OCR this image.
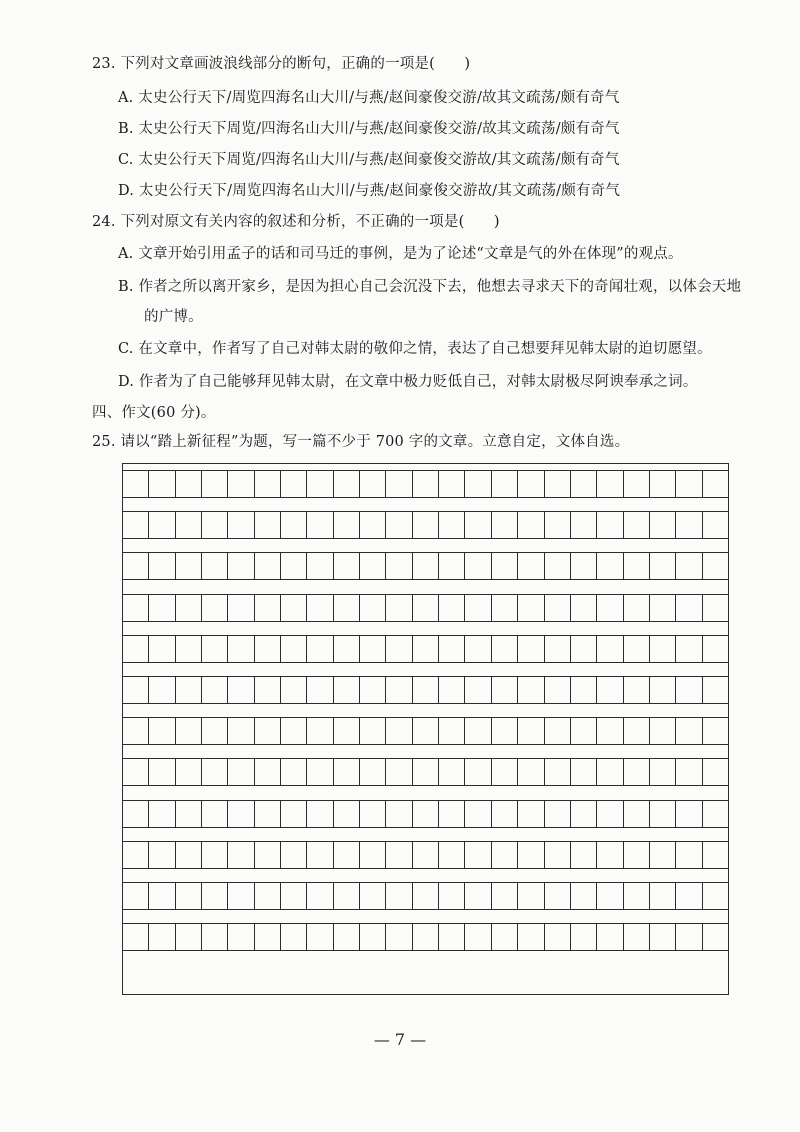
23. 下列对文章画波浪线部分的断句，正确的一项是(　　)
A. 太史公行天下/周览四海名山大川/与燕/赵间豪俊交游/故其文疏荡/颇有奇气
B. 太史公行天下周览/四海名山大川/与燕/赵间豪俊交游/故其文疏荡/颇有奇气
C. 太史公行天下周览/四海名山大川/与燕/赵间豪俊交游故/其文疏荡/颇有奇气
D. 太史公行天下/周览四海名山大川/与燕/赵间豪俊交游故/其文疏荡/颇有奇气
24. 下列对原文有关内容的叙述和分析，不正确的一项是(　　)
A. 文章开始引用孟子的话和司马迁的事例，是为了论述“文章是气的外在体现”的观点。
B. 作者之所以离开家乡，是因为担心自己会沉没下去，他想去寻求天下的奇闻壮观，以体会天地
的广博。
C. 在文章中，作者写了自己对韩太尉的敬仰之情，表达了自己想要拜见韩太尉的迫切愿望。
D. 作者为了自己能够拜见韩太尉，在文章中极力贬低自己，对韩太尉极尽阿谀奉承之词。
四、作文(60 分)。
25. 请以“踏上新征程”为题，写一篇不少于 700 字的文章。立意自定，文体自选。
— 7 —
